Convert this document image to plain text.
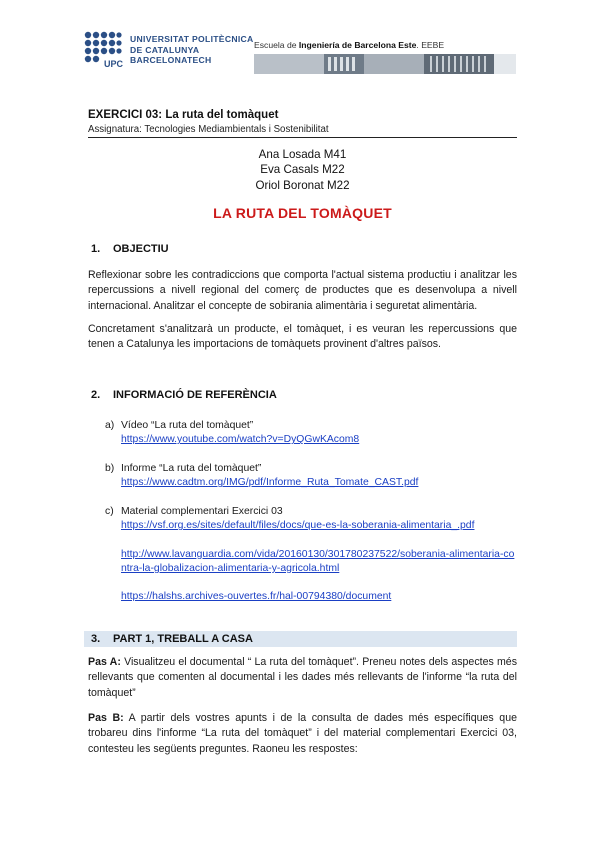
UPC
UNIVERSITAT POLITÈCNICA
DE CATALUNYA
BARCELONATECH
Escuela de Ingeniería de Barcelona Este. EEBE
EXERCICI 03: La ruta del tomàquet
Assignatura: Tecnologies Mediambientals i Sostenibilitat
Ana Losada M41
Eva Casals M22
Oriol Boronat M22
LA RUTA DEL TOMÀQUET
1. OBJECTIU
Reflexionar sobre les contradiccions que comporta l'actual sistema productiu i analitzar les repercussions a nivell regional del comerç de productes que es desenvolupa a nivell internacional. Analitzar el concepte de sobirania alimentària i seguretat alimentària.
Concretament s'analitzarà un producte, el tomàquet, i es veuran les repercussions que tenen a Catalunya les importacions de tomàquets provinent d'altres països.
2. INFORMACIÓ DE REFERÈNCIA
a) Vídeo “La ruta del tomàquet”
https://www.youtube.com/watch?v=DyQGwKAcom8
b) Informe “La ruta del tomàquet”
https://www.cadtm.org/IMG/pdf/Informe_Ruta_Tomate_CAST.pdf
c) Material complementari Exercici 03
https://vsf.org.es/sites/default/files/docs/que-es-la-soberania-alimentaria_.pdf
http://www.lavanguardia.com/vida/20160130/301780237522/soberania-alimentaria-contra-la-globalizacion-alimentaria-y-agricola.html
https://halshs.archives-ouvertes.fr/hal-00794380/document
3. PART 1, TREBALL A CASA
Pas A: Visualitzeu el documental “ La ruta del tomàquet”. Preneu notes dels aspectes més rellevants que comenten al documental i les dades més rellevants de l'informe “la ruta del tomàquet”
Pas B: A partir dels vostres apunts i de la consulta de dades més específiques que trobareu dins l'informe “La ruta del tomàquet” i del material complementari Exercici 03, contesteu les següents preguntes. Raoneu les respostes:
